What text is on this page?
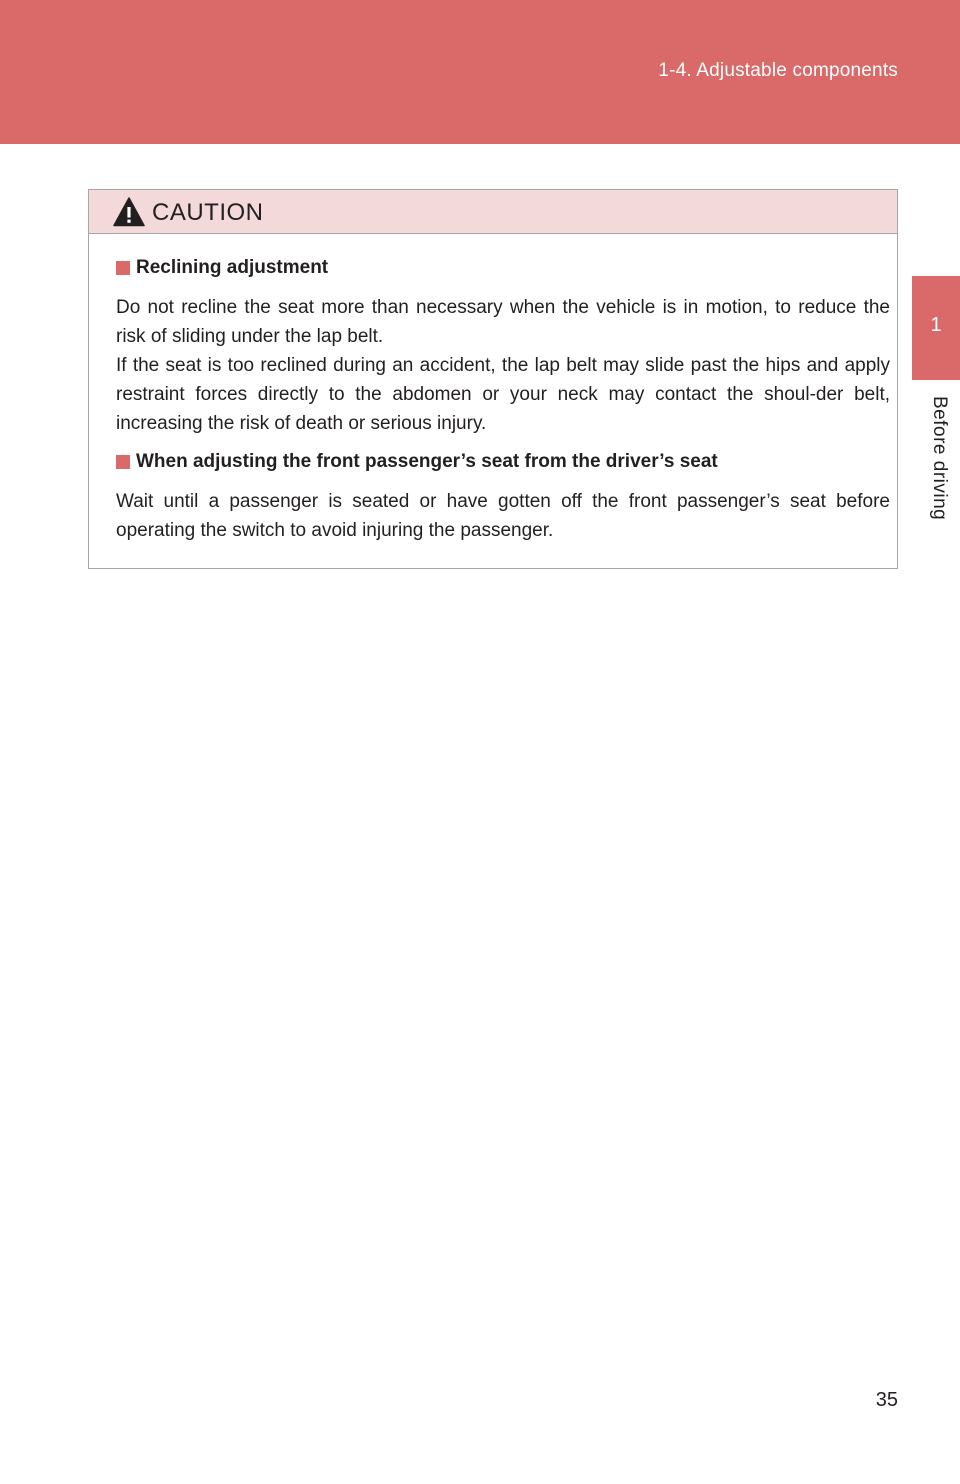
1-4. Adjustable components
1
Before driving
CAUTION
Reclining adjustment

Do not recline the seat more than necessary when the vehicle is in motion, to reduce the risk of sliding under the lap belt.

If the seat is too reclined during an accident, the lap belt may slide past the hips and apply restraint forces directly to the abdomen or your neck may contact the shoul-der belt, increasing the risk of death or serious injury.

When adjusting the front passenger’s seat from the driver’s seat

Wait until a passenger is seated or have gotten off the front passenger’s seat before operating the switch to avoid injuring the passenger.

35
